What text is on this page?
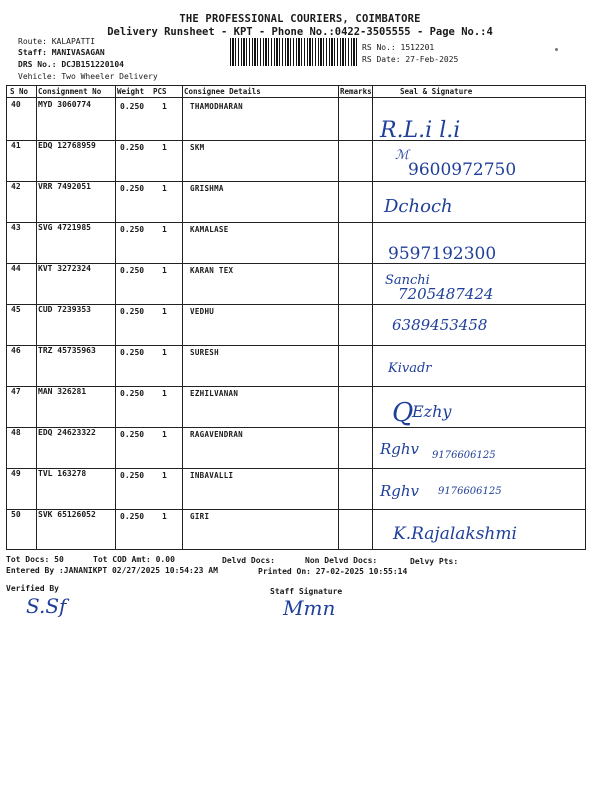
THE PROFESSIONAL COURIERS, COIMBATORE
Delivery Runsheet - KPT - Phone No.:0422-3505555 - Page No.:4
Route: KALAPATTI
Staff: MANIVASAGAN
DRS No.: DCJB151220104
Vehicle: Two Wheeler Delivery
RS No.: 1512201
RS Date: 27-Feb-2025
S No Consignment No Weight PCS Consignee Details	Remarks	Seal & Signature
40 MYD 3060774	0.250 1	THAMODHARAN
R.L.i l.i
41 EDQ 12768959	0.250 1	SKM
ℳ
9600972750
42 VRR 7492051	0.250 1	GRISHMA
Dchoch
43 SVG 4721985	0.250 1	KAMALASE
9597192300
44 KVT 3272324	0.250 1	KARAN TEX
Sanchi
7205487424
45 CUD 7239353	0.250 1	VEDHU
6389453458
46 TRZ 45735963	0.250 1	SURESH
Kivadr
47 MAN 326281	0.250 1	EZHILVANAN
Q
Ezhy
48 EDQ 24623322	0.250 1	RAGAVENDRAN
Rghv 9176606125
49 TVL 163278	0.250 1	INBAVALLI
Rghv 9176606125
50 SVK 65126052	0.250 1	GIRI
K.Rajalakshmi
Tot Docs: 50	Tot COD Amt: 0.00	Delvd Docs:	Non Delvd Docs:	Delvy Pts:
Entered By :JANANIKPT 02/27/2025 10:54:23 AM	Printed On: 27-02-2025 10:55:14
Verified By
S.Sf
Staff Signature
Mmn
